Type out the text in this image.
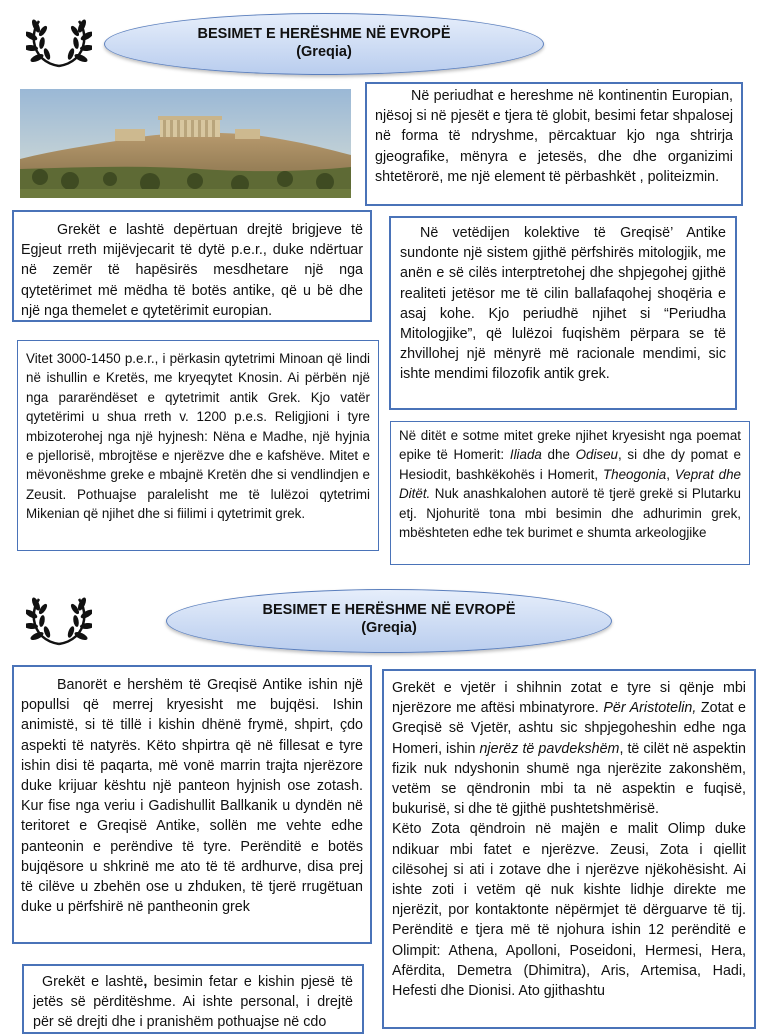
BESIMET E HERËSHME NË EVROPË
(Greqia)

Në periudhat e hereshme në kontinentin Europian, njësoj si në pjesët e tjera të globit, besimi fetar shpalosej në forma të ndryshme, përcaktuar kjo nga shtrirja gjeografike, mënyra e jetesës, dhe dhe organizimi shtetërorë, me një element të përbashkët , politeizmin.

Grekët e lashtë depërtuan drejtë brigjeve të Egjeut rreth mijëvjecarit të dytë p.e.r., duke ndërtuar në zemër të hapësirës mesdhetare një nga qytetërimet më mëdha të botës antike, që u bë dhe një nga themelet e qytetërimit europian.

Në vetëdijen kolektive të Greqisë’ Antike sundonte një sistem gjithë përfshirës mitologjik, me anën e së cilës interptretohej dhe shpjegohej gjithë realiteti jetësor me të cilin ballafaqohej shoqëria e asaj kohe. Kjo periudhë njihet si “Periudha Mitologjike”, që lulëzoi fuqishëm përpara se të zhvillohej një mënyrë më racionale mendimi, sic ishte mendimi filozofik antik grek.

Vitet 3000-1450 p.e.r., i përkasin qytetrimi Minoan që lindi në ishullin e Kretës, me kryeqytet Knosin. Ai përbën një nga pararëndëset e qytetrimit antik Grek. Kjo vatër qytetërimi u shua rreth v. 1200 p.e.s. Religjioni i tyre mbizoterohej nga një hyjnesh: Nëna e Madhe, një hyjnia e pjellorisë, mbrojtëse e njerëzve dhe e kafshëve. Mitet e mëvonëshme greke e mbajnë Kretën dhe si vendlindjen e Zeusit. Pothuajse paralelisht me të lulëzoi qytetrimi Mikenian që njihet dhe si fiilimi i qytetrimit grek.

Në ditët e sotme mitet greke njihet kryesisht nga poemat epike të Homerit: Iliada dhe Odiseu, si dhe dy pomat e Hesiodit, bashkëkohës i Homerit, Theogonia, Veprat dhe Ditët. Nuk anashkalohen autorë të tjerë grekë si Plutarku etj. Njohuritë tona mbi besimin dhe adhurimin grek, mbështeten edhe tek burimet e shumta arkeologjike

BESIMET E HERËSHME NË EVROPË
(Greqia)

Banorët e hershëm të Greqisë Antike ishin një popullsi që merrej kryesisht me bujqësi. Ishin animistë, si të tillë i kishin dhënë frymë, shpirt, çdo aspekti të natyrës. Këto shpirtra që në fillesat e tyre ishin disi të paqarta, më vonë marrin trajta njerëzore duke krijuar kështu një panteon hyjnish ose zotash. Kur fise nga veriu i Gadishullit Ballkanik u dyndën në teritoret e Greqisë Antike, sollën me vehte edhe panteonin e perëndive të tyre. Perënditë e botës bujqësore u shkrinë me ato të të ardhurve, disa prej të cilëve u zbehën ose u zhduken, të tjerë rrugëtuan duke u përfshirë në pantheonin grek

Grekët e vjetër i shihnin zotat e tyre si qënje mbi njerëzore me aftësi mbinatyrore. Për Aristotelin, Zotat e Greqisë së Vjetër, ashtu sic shpjegoheshin edhe nga Homeri, ishin njerëz të pavdekshëm, të cilët në aspektin fizik nuk ndyshonin shumë nga njerëzite zakonshëm, vetëm se qëndronin mbi ta në aspektin e fuqisë, bukurisë, si dhe të gjithë pushtetshmërisë.

Këto Zota qëndroin në majën e malit Olimp duke ndikuar mbi fatet e njerëzve. Zeusi, Zota i qiellit cilësohej si ati i zotave dhe i njerëzve njëkohësisht. Ai ishte zoti i vetëm që nuk kishte lidhje direkte me njerëzit, por kontaktonte nëpërmjet të dërguarve të tij. Perënditë e tjera më të njohura ishin 12 perënditë e Olimpit: Athena, Apolloni, Poseidoni, Hermesi, Hera, Afërdita, Demetra (Dhimitra), Aris, Artemisa, Hadi, Hefesti dhe Dionisi. Ato gjithashtu

Grekët e lashtë, besimin fetar e kishin pjesë të jetës së përditëshme. Ai ishte personal, i drejtë për së drejti dhe i pranishëm pothuajse në cdo
